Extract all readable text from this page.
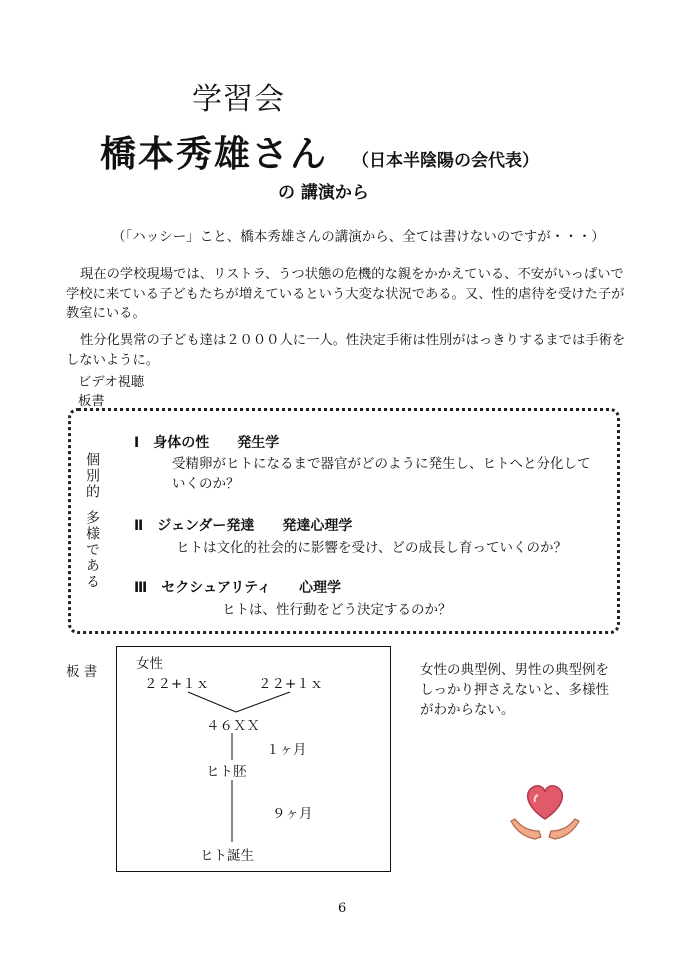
学習会
橋本秀雄さん （日本半陰陽の会代表）
の 講演から
（「ハッシー」こと、橋本秀雄さんの講演から、全ては書けないのですが・・・）
現在の学校現場では、リストラ、うつ状態の危機的な親をかかえている、不安がいっぱいで学校に来ている子どもたちが増えているという大変な状況である。又、性的虐待を受けた子が教室にいる。
性分化異常の子ども達は２０００人に一人。性決定手術は性別がはっきりするまでは手術をしないように。
ビデオ視聴
板書
個別的
多様である
Ⅰ　身体の性　　発生学
受精卵がヒトになるまで器官がどのように発生し、ヒトへと分化して
いくのか？
Ⅱ　ジェンダー発達　　発達心理学
ヒトは文化的社会的に影響を受け、どの成長し育っていくのか？
Ⅲ　セクシュアリティ　　心理学
ヒトは、性行動をどう決定するのか？
板 書	女性
２２+１ｘ	２２+１ｘ
４６ＸＸ
１ヶ月
ヒト胚
９ヶ月
ヒト誕生
女性の典型例、男性の典型例をしっかり押さえないと、多様性がわからない。
6
